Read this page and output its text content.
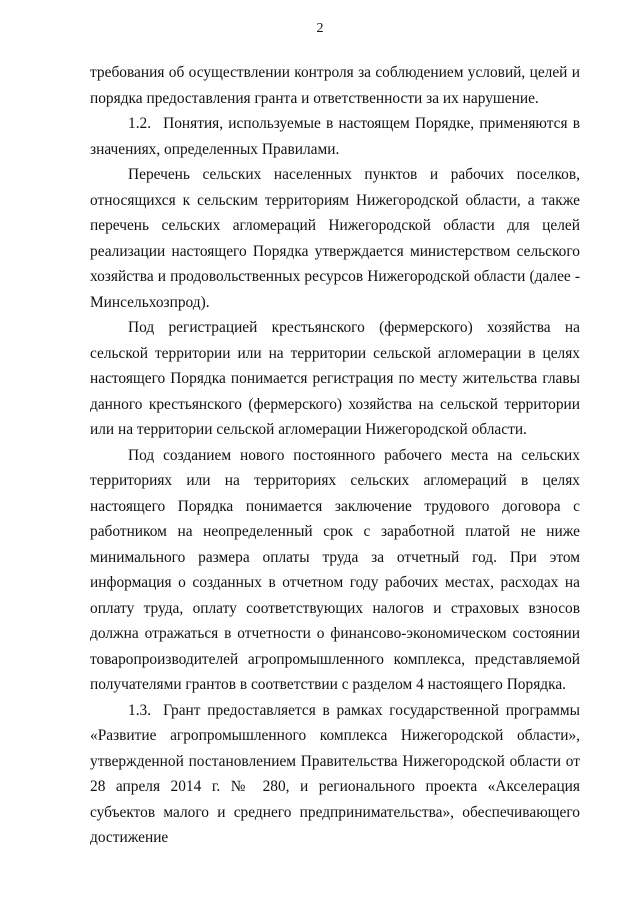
2

требования об осуществлении контроля за соблюдением условий, целей и порядка предоставления гранта и ответственности за их нарушение.

1.2. Понятия, используемые в настоящем Порядке, применяются в значениях, определенных Правилами.

Перечень сельских населенных пунктов и рабочих поселков, относящихся к сельским территориям Нижегородской области, а также перечень сельских агломераций Нижегородской области для целей реализации настоящего Порядка утверждается министерством сельского хозяйства и продовольственных ресурсов Нижегородской области (далее - Минсельхозпрод).

Под регистрацией крестьянского (фермерского) хозяйства на сельской территории или на территории сельской агломерации в целях настоящего Порядка понимается регистрация по месту жительства главы данного крестьянского (фермерского) хозяйства на сельской территории или на территории сельской агломерации Нижегородской области.

Под созданием нового постоянного рабочего места на сельских территориях или на территориях сельских агломераций в целях настоящего Порядка понимается заключение трудового договора с работником на неопределенный срок с заработной платой не ниже минимального размера оплаты труда за отчетный год. При этом информация о созданных в отчетном году рабочих местах, расходах на оплату труда, оплату соответствующих налогов и страховых взносов должна отражаться в отчетности о финансово-экономическом состоянии товаропроизводителей агропромышленного комплекса, представляемой получателями грантов в соответствии с разделом 4 настоящего Порядка.

1.3. Грант предоставляется в рамках государственной программы «Развитие агропромышленного комплекса Нижегородской области», утвержденной постановлением Правительства Нижегородской области от 28 апреля 2014 г. № 280, и регионального проекта «Акселерация субъектов малого и среднего предпринимательства», обеспечивающего достижение
